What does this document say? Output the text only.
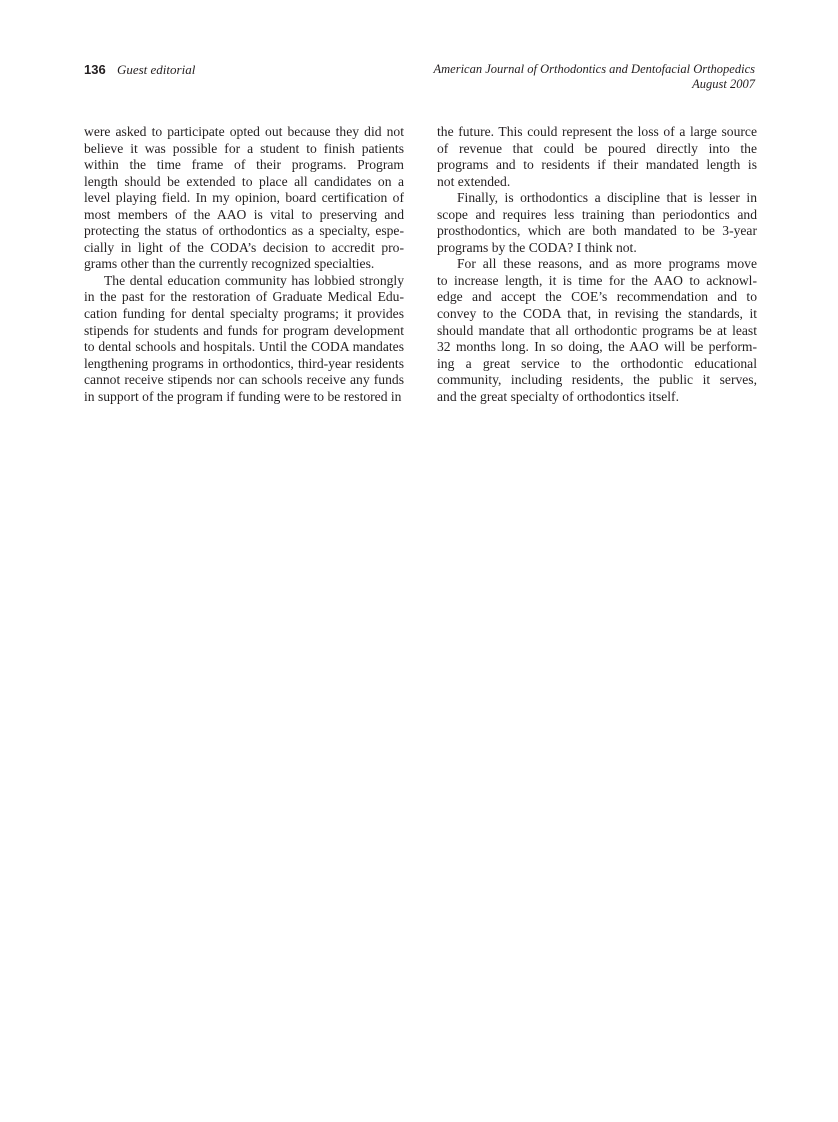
136 Guest editorial	American Journal of Orthodontics and Dentofacial Orthopedics
August 2007
were asked to participate opted out because they did not
believe it was possible for a student to finish patients
within the time frame of their programs. Program
length should be extended to place all candidates on a
level playing field. In my opinion, board certification of
most members of the AAO is vital to preserving and
protecting the status of orthodontics as a specialty, espe-
cially in light of the CODA’s decision to accredit pro-
grams other than the currently recognized specialties.
The dental education community has lobbied strongly
in the past for the restoration of Graduate Medical Edu-
cation funding for dental specialty programs; it provides
stipends for students and funds for program development
to dental schools and hospitals. Until the CODA mandates
lengthening programs in orthodontics, third-year residents
cannot receive stipends nor can schools receive any funds
in support of the program if funding were to be restored in
the future. This could represent the loss of a large source
of revenue that could be poured directly into the
programs and to residents if their mandated length is
not extended.
Finally, is orthodontics a discipline that is lesser in
scope and requires less training than periodontics and
prosthodontics, which are both mandated to be 3-year
programs by the CODA? I think not.
For all these reasons, and as more programs move
to increase length, it is time for the AAO to acknowl-
edge and accept the COE’s recommendation and to
convey to the CODA that, in revising the standards, it
should mandate that all orthodontic programs be at least
32 months long. In so doing, the AAO will be perform-
ing a great service to the orthodontic educational
community, including residents, the public it serves,
and the great specialty of orthodontics itself.
